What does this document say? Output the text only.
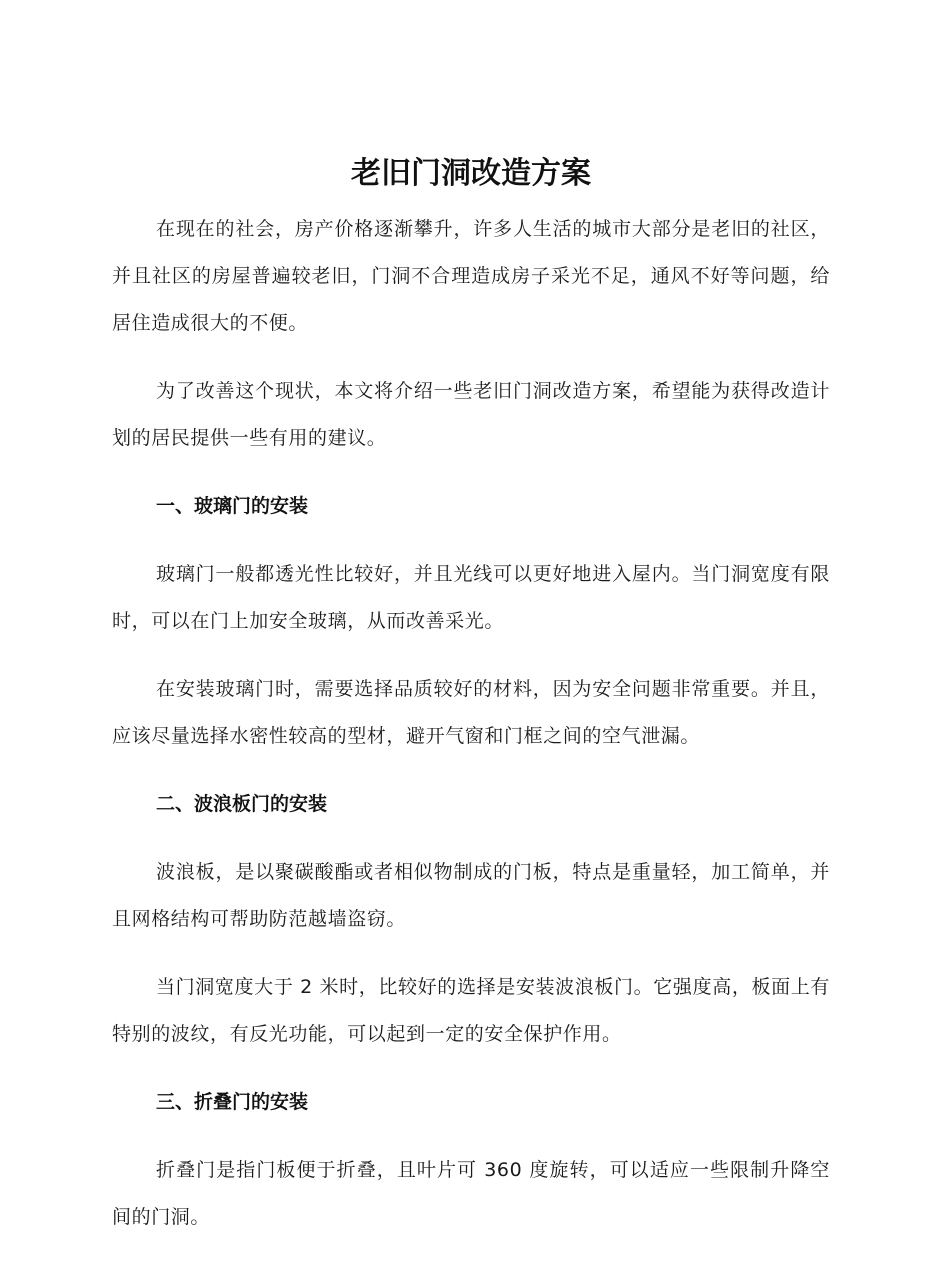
老旧门洞改造方案

在现在的社会，房产价格逐渐攀升，许多人生活的城市大部分是老旧的社区，并且社区的房屋普遍较老旧，门洞不合理造成房子采光不足，通风不好等问题，给居住造成很大的不便。

为了改善这个现状，本文将介绍一些老旧门洞改造方案，希望能为获得改造计划的居民提供一些有用的建议。

一、玻璃门的安装

玻璃门一般都透光性比较好，并且光线可以更好地进入屋内。当门洞宽度有限时，可以在门上加安全玻璃，从而改善采光。

在安装玻璃门时，需要选择品质较好的材料，因为安全问题非常重要。并且，应该尽量选择水密性较高的型材，避开气窗和门框之间的空气泄漏。

二、波浪板门的安装

波浪板，是以聚碳酸酯或者相似物制成的门板，特点是重量轻，加工简单，并且网格结构可帮助防范越墙盗窃。

当门洞宽度大于 2 米时，比较好的选择是安装波浪板门。它强度高，板面上有特别的波纹，有反光功能，可以起到一定的安全保护作用。

三、折叠门的安装

折叠门是指门板便于折叠，且叶片可 360 度旋转，可以适应一些限制升降空间的门洞。
